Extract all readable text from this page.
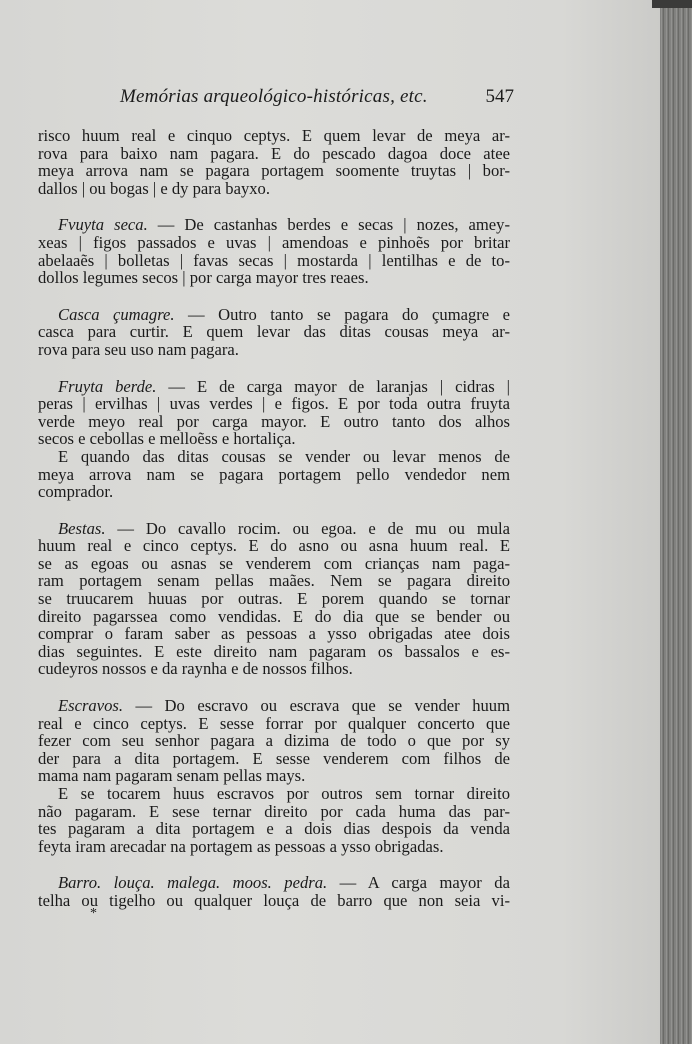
Memórias arqueológico-históricas, etc.	547
risco huum real e cinquo ceptys. E quem levar de meya ar-
rova para baixo nam pagara. E do pescado dagoa doce atee
meya arrova nam se pagara portagem soomente truytas | bor-
dallos | ou bogas | e dy para bayxo.
Fvuyta seca. — De castanhas berdes e secas | nozes, amey-
xeas | figos passados e uvas | amendoas e pinhoẽs por britar
abelaaẽs | bolletas | favas secas | mostarda | lentilhas e de to-
dollos legumes secos | por carga mayor tres reaes.
Casca çumagre. — Outro tanto se pagara do çumagre e
casca para curtir. E quem levar das ditas cousas meya ar-
rova para seu uso nam pagara.
Fruyta berde. — E de carga mayor de laranjas | cidras |
peras | ervilhas | uvas verdes | e figos. E por toda outra fruyta
verde meyo real por carga mayor. E outro tanto dos alhos
secos e cebollas e melloẽss e hortaliça.
E quando das ditas cousas se vender ou levar menos de
meya arrova nam se pagara portagem pello vendedor nem
comprador.
Bestas. — Do cavallo rocim. ou egoa. e de mu ou mula
huum real e cinco ceptys. E do asno ou asna huum real. E
se as egoas ou asnas se venderem com crianças nam paga-
ram portagem senam pellas maães. Nem se pagara direito
se truucarem huuas por outras. E porem quando se tornar
direito pagarssea como vendidas. E do dia que se bender ou
comprar o faram saber as pessoas a ysso obrigadas atee dois
dias seguintes. E este direito nam pagaram os bassalos e es-
cudeyros nossos e da raynha e de nossos filhos.
Escravos. — Do escravo ou escrava que se vender huum
real e cinco ceptys. E sesse forrar por qualquer concerto que
fezer com seu senhor pagara a dizima de todo o que por sy
der para a dita portagem. E sesse venderem com filhos de
mama nam pagaram senam pellas mays.
E se tocarem huus escravos por outros sem tornar direito
não pagaram. E sese ternar direito por cada huma das par-
tes pagaram a dita portagem e a dois dias despois da venda
feyta iram arecadar na portagem as pessoas a ysso obrigadas.
Barro. louça. malega. moos. pedra. — A carga mayor da
telha ou tigelho ou qualquer louça de barro que non seia vi-
*
